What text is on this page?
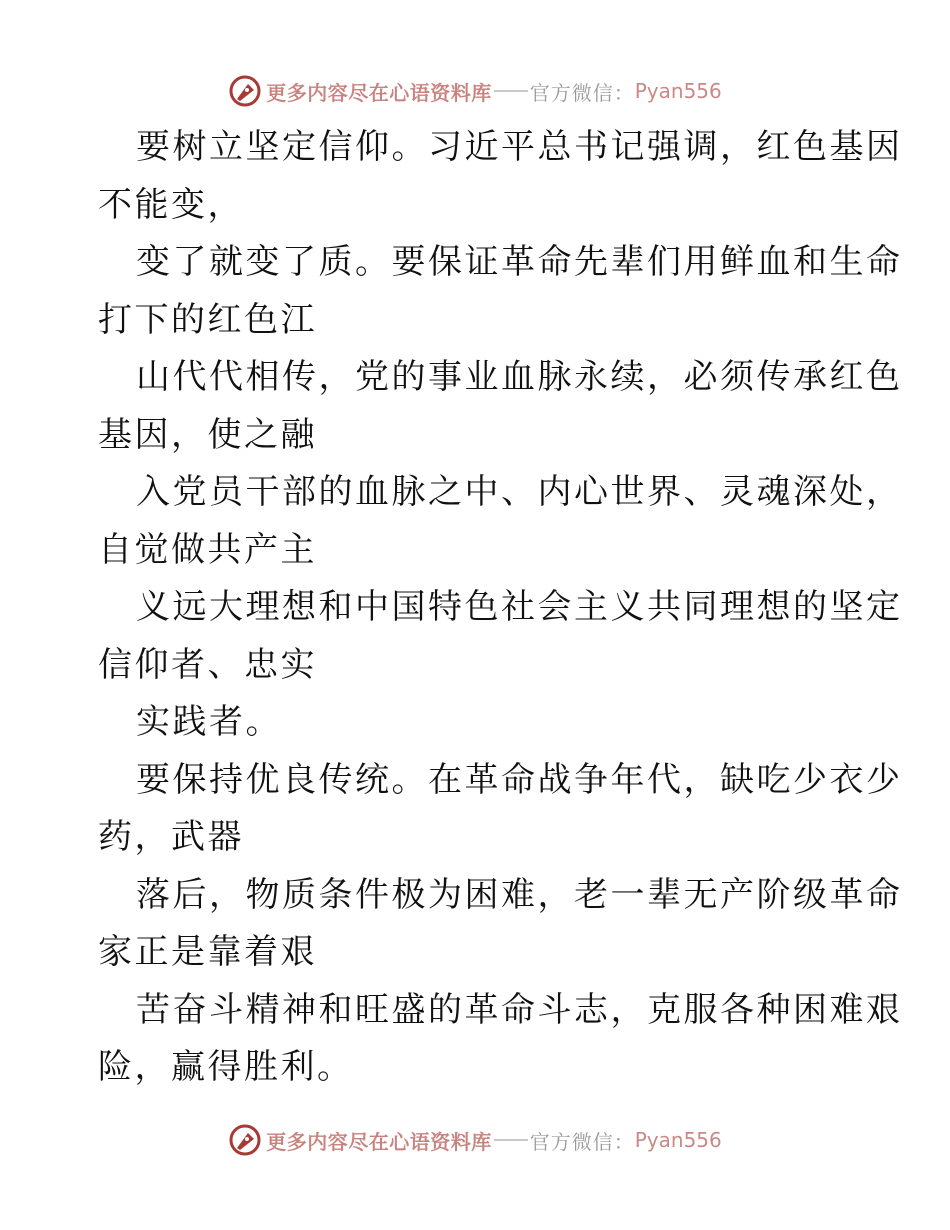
更多内容尽在心语资料库 官方微信： Pyan556
要树立坚定信仰。习近平总书记强调，红色基因
不能变，
变了就变了质。要保证革命先辈们用鲜血和生命
打下的红色江
山代代相传，党的事业血脉永续，必须传承红色
基因，使之融
入党员干部的血脉之中、内心世界、灵魂深处，
自觉做共产主
义远大理想和中国特色社会主义共同理想的坚定
信仰者、忠实
实践者。
要保持优良传统。在革命战争年代，缺吃少衣少
药，武器
落后，物质条件极为困难，老一辈无产阶级革命
家正是靠着艰
苦奋斗精神和旺盛的革命斗志，克服各种困难艰
险，赢得胜利。
更多内容尽在心语资料库 官方微信： Pyan556
